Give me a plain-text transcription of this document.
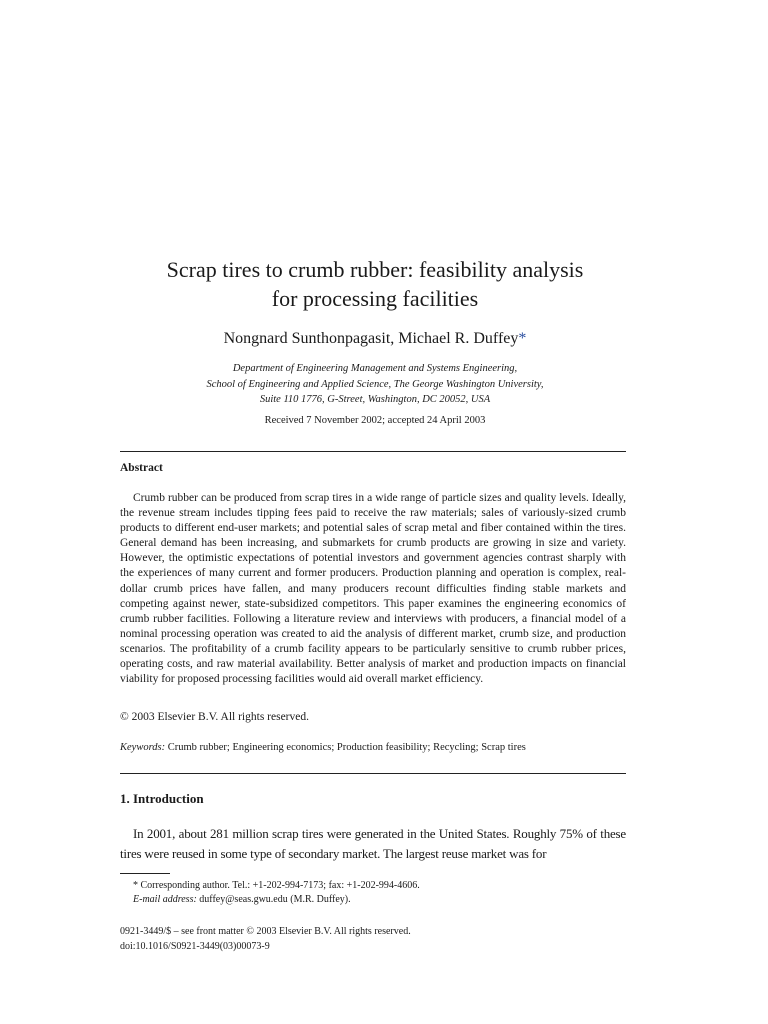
Scrap tires to crumb rubber: feasibility analysis
for processing facilities
Nongnard Sunthonpagasit, Michael R. Duffey*
Department of Engineering Management and Systems Engineering,
School of Engineering and Applied Science, The George Washington University,
Suite 110 1776, G-Street, Washington, DC 20052, USA
Received 7 November 2002; accepted 24 April 2003
Abstract

Crumb rubber can be produced from scrap tires in a wide range of particle sizes and quality levels. Ideally, the revenue stream includes tipping fees paid to receive the raw materials; sales of variously-sized crumb products to different end-user markets; and potential sales of scrap metal and fiber contained within the tires. General demand has been increasing, and submarkets for crumb products are growing in size and variety. However, the optimistic expectations of potential investors and government agencies contrast sharply with the experiences of many current and former producers. Production planning and operation is complex, real-dollar crumb prices have fallen, and many producers recount difficulties finding stable markets and competing against newer, state-subsidized competitors. This paper examines the engineering economics of crumb rubber facilities. Following a literature review and interviews with producers, a financial model of a nominal processing operation was created to aid the analysis of different market, crumb size, and production scenarios. The profitability of a crumb facility appears to be particularly sensitive to crumb rubber prices, operating costs, and raw material availability. Better analysis of market and production impacts on financial viability for proposed processing facilities would aid overall market efficiency.

© 2003 Elsevier B.V. All rights reserved.
Keywords: Crumb rubber; Engineering economics; Production feasibility; Recycling; Scrap tires
1. Introduction

In 2001, about 281 million scrap tires were generated in the United States. Roughly 75% of these tires were reused in some type of secondary market. The largest reuse market was for

* Corresponding author. Tel.: +1-202-994-7173; fax: +1-202-994-4606.
E-mail address: duffey@seas.gwu.edu (M.R. Duffey).
0921-3449/$ – see front matter © 2003 Elsevier B.V. All rights reserved.
doi:10.1016/S0921-3449(03)00073-9
